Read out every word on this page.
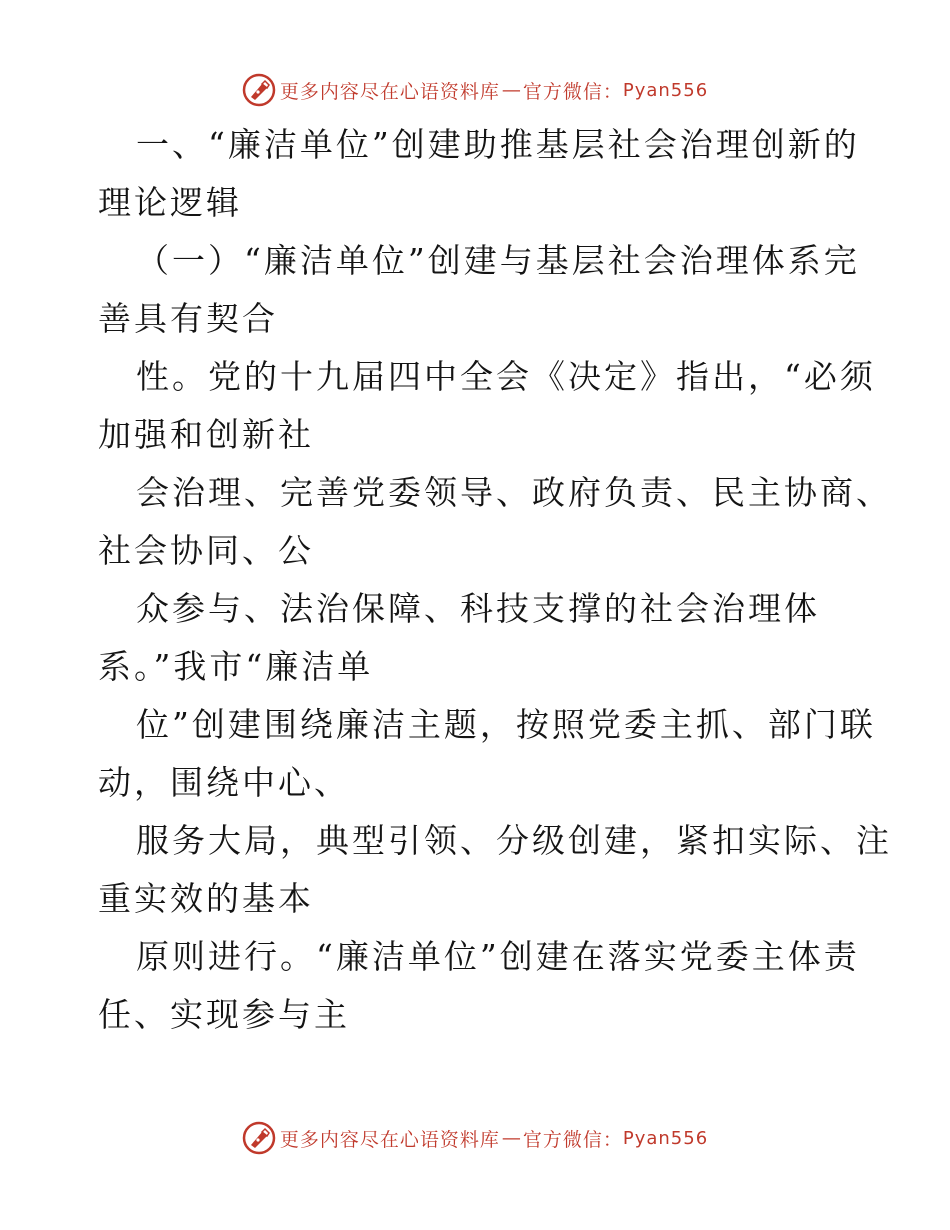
更多内容尽在心语资料库 — 官方微信： Pyan556
一、“廉洁单位”创建助推基层社会治理创新的
理论逻辑
（一）“廉洁单位”创建与基层社会治理体系完
善具有契合
性。党的十九届四中全会《决定》指出，“必须
加强和创新社
会治理、完善党委领导、政府负责、民主协商、
社会协同、公
众参与、法治保障、科技支撑的社会治理体
系。”我市“廉洁单
位”创建围绕廉洁主题，按照党委主抓、部门联
动，围绕中心、
服务大局，典型引领、分级创建，紧扣实际、注
重实效的基本
原则进行。“廉洁单位”创建在落实党委主体责
任、实现参与主
更多内容尽在心语资料库 — 官方微信： Pyan556
